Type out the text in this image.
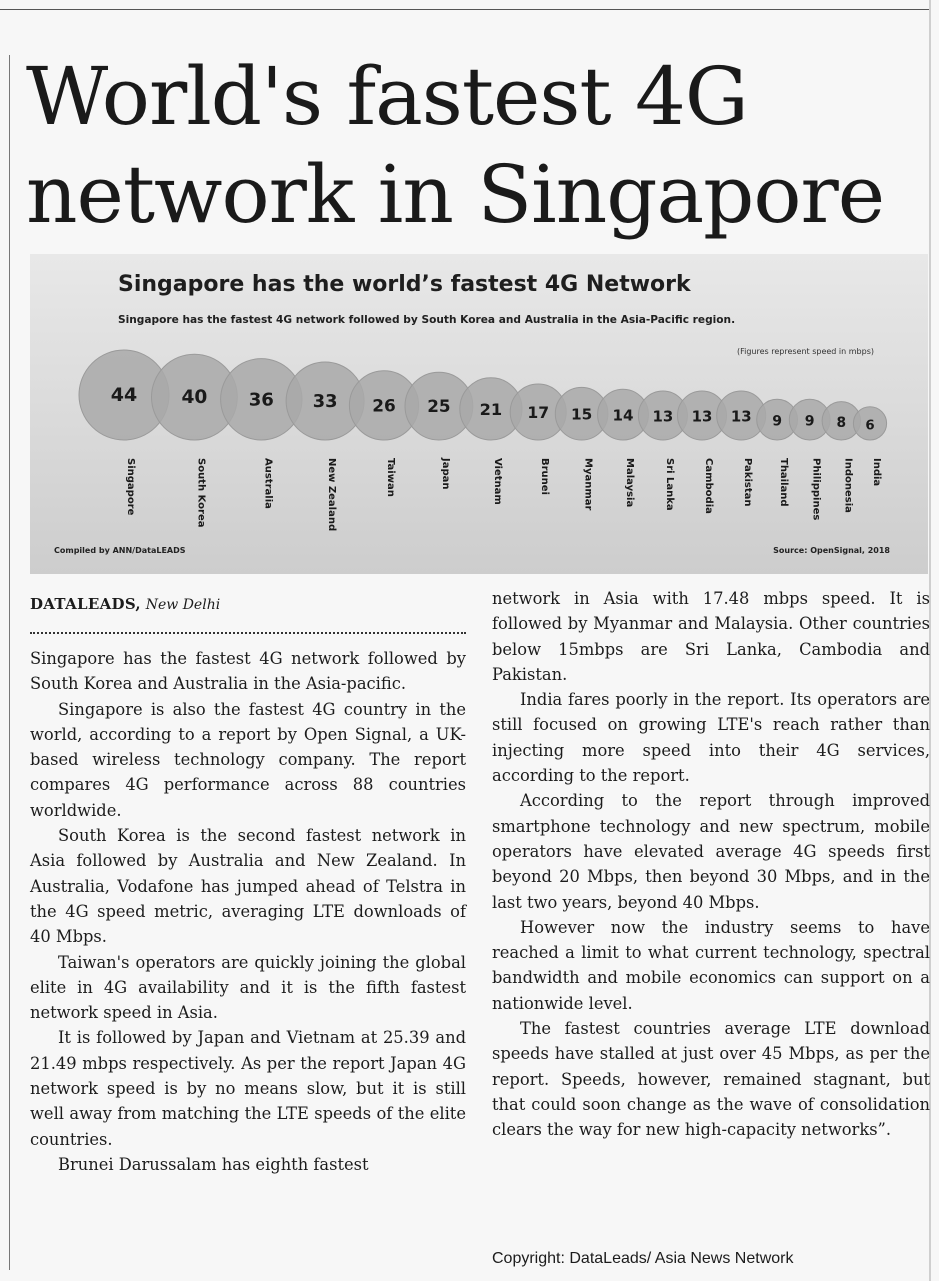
World's fastest 4G network in Singapore
44
Singapore
40
South Korea
36
Australia
33
New Zealand
26
Taiwan
25
Japan
21
Vietnam
17
Brunei
15
Myanmar
14
Malaysia
13
Sri Lanka
13
Cambodia
13
Pakistan
9
Thailand
9
Philippines
8
Indonesia
6
India
Singapore has the world’s fastest 4G Network
Singapore has the fastest 4G network followed by South Korea and Australia in the Asia-Pacific region.
(Figures represent speed in mbps)
Compiled by ANN/DataLEADS	Source: OpenSignal, 2018
DATALEADS, New Delhi

Singapore has the fastest 4G network followed by South Korea and Australia in the Asia-pacific.

Singapore is also the fastest 4G country in the world, according to a report by Open Signal, a UK-based wireless technology company. The report compares 4G performance across 88 countries worldwide.

South Korea is the second fastest network in Asia followed by Australia and New Zealand. In Australia, Vodafone has jumped ahead of Telstra in the 4G speed metric, averaging LTE downloads of 40 Mbps.

Taiwan's operators are quickly joining the global elite in 4G availability and it is the fifth fastest network speed in Asia.

It is followed by Japan and Vietnam at 25.39 and 21.49 mbps respectively. As per the report Japan 4G network speed is by no means slow, but it is still well away from matching the LTE speeds of the elite countries.

Brunei Darussalam has eighth fastest

network in Asia with 17.48 mbps speed. It is followed by Myanmar and Malaysia. Other countries below 15mbps are Sri Lanka, Cambodia and Pakistan.

India fares poorly in the report. Its operators are still focused on growing LTE's reach rather than injecting more speed into their 4G services, according to the report.

According to the report through improved smartphone technology and new spectrum, mobile operators have elevated average 4G speeds first beyond 20 Mbps, then beyond 30 Mbps, and in the last two years, beyond 40 Mbps.

However now the industry seems to have reached a limit to what current technology, spectral bandwidth and mobile economics can support on a nationwide level.

The fastest countries average LTE download speeds have stalled at just over 45 Mbps, as per the report. Speeds, however, remained stagnant, but that could soon change as the wave of consolidation clears the way for new high-capacity networks”.

Copyright: DataLeads/ Asia News Network
